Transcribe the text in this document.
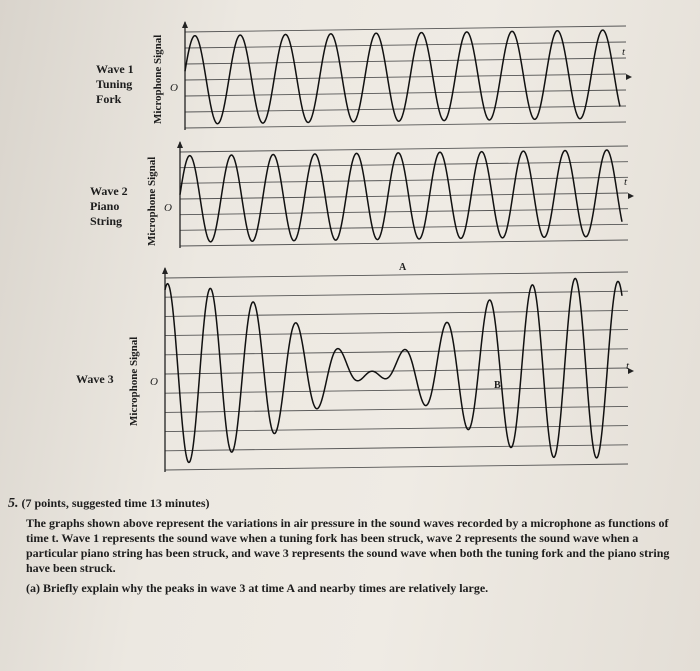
Wave 1
Tuning
Fork	Microphone Signal O
t
Wave 2
Piano
String	Microphone Signal O
t
Wave 3 Microphone Signal O
t
A
B

5. (7 points, suggested time 13 minutes)

The graphs shown above represent the variations in air pressure in the sound waves recorded by a microphone as functions of time t. Wave 1 represents the sound wave when a tuning fork has been struck, wave 2 represents the sound wave when a particular piano string has been struck, and wave 3 represents the sound wave when both the tuning fork and the piano string have been struck.

(a) Briefly explain why the peaks in wave 3 at time A and nearby times are relatively large.
